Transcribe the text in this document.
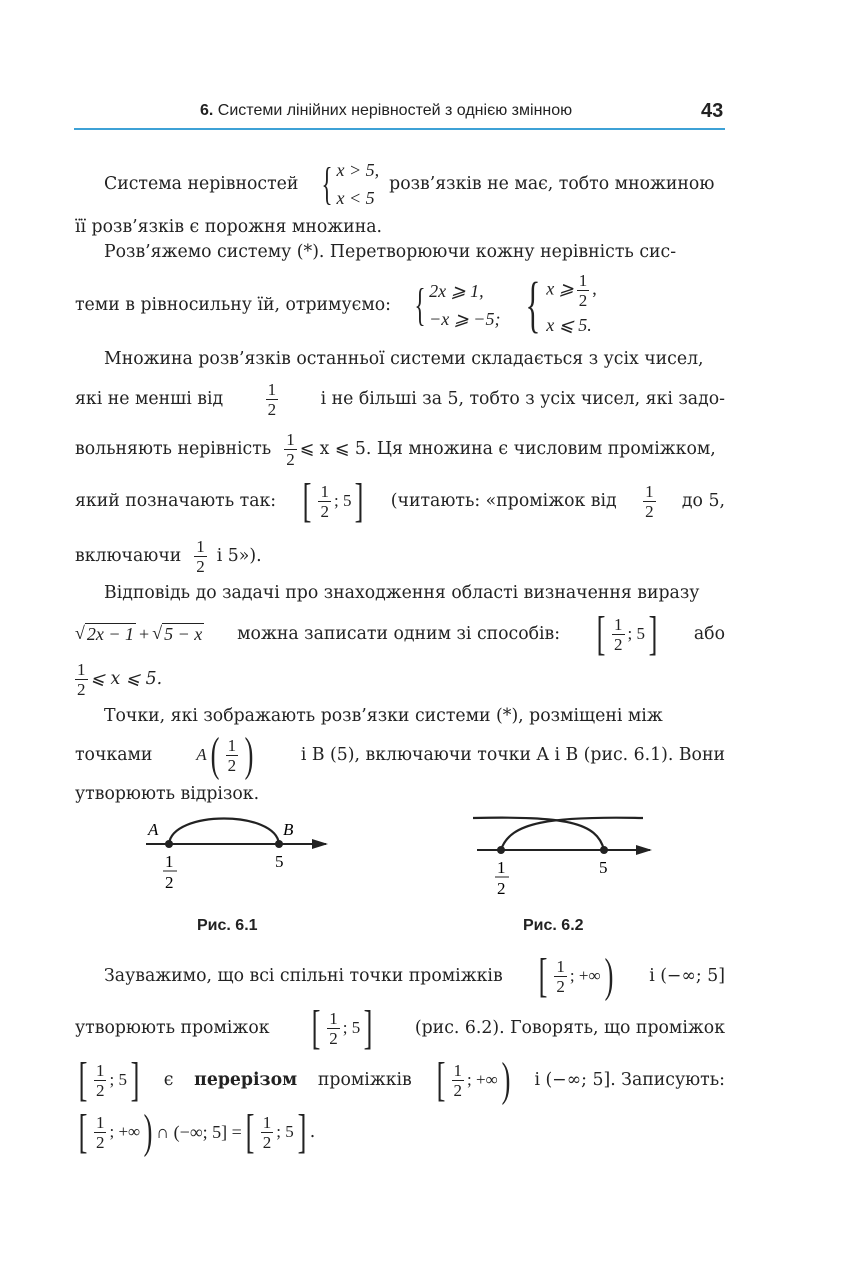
6. Системи лінійних нерівностей з однією змінною	43
Система нерівностей { x > 5,
x < 5
розв’язків не має, тобто множиною
її розв’язків є порожня множина.
Розв’яжемо систему (*). Перетворюючи кожну нерівність сис-
теми в рівносильну їй, отримуємо: { 2x ⩾ 1,
−x ⩾ −5; { x ⩾ $\frac{1}{2}$ ,
x ⩽ 5.
Множина розв’язків останньої системи складається з усіх чисел,
які не менші від $\frac{1}{2}$ і не більші за 5, тобто з усіх чисел, які задо-
вольняють нерівність $\frac{1}{2}$ ⩽ x ⩽ 5. Ця множина є числовим проміжком,
який позначають так: [ $\frac{1}{2}$ ;
5 ] (читають: «проміжок від $\frac{1}{2}$ до 5,
включаючи $\frac{1}{2}$ і 5»).
Відповідь до задачі про знаходження області визначення виразу
√ 2x − 1 + √ 5 − x можна записати одним зі способів: [ $\frac{1}{2}$ ;
5 ] або
$\frac{1}{2}$ ⩽ x ⩽ 5.
Точки, які зображають розв’язки системи (*), розміщені між
точками	A ( $\frac{1}{2}$ )	і B (5), включаючи точки A і B (рис. 6.1). Вони
утворюють відрізок.
A	B
1
2
5
Рис. 6.1
1
2
5
Рис. 6.2
Зауважимо, що всі спільні точки проміжків [ $\frac{1}{2}$ ;
+∞ ) і (−∞; 5]
утворюють проміжок [ $\frac{1}{2}$ ;
5 ] (рис. 6.2). Говорять, що проміжок
[ $\frac{1}{2}$ ;
5 ] є перерізом проміжків [ $\frac{1}{2}$ ;
+∞ ) і (−∞; 5]. Записують:
[ $\frac{1}{2}$ ;
+∞ ) ∩ (−∞; 5] = [ $\frac{1}{2}$ ;
5 ] .
